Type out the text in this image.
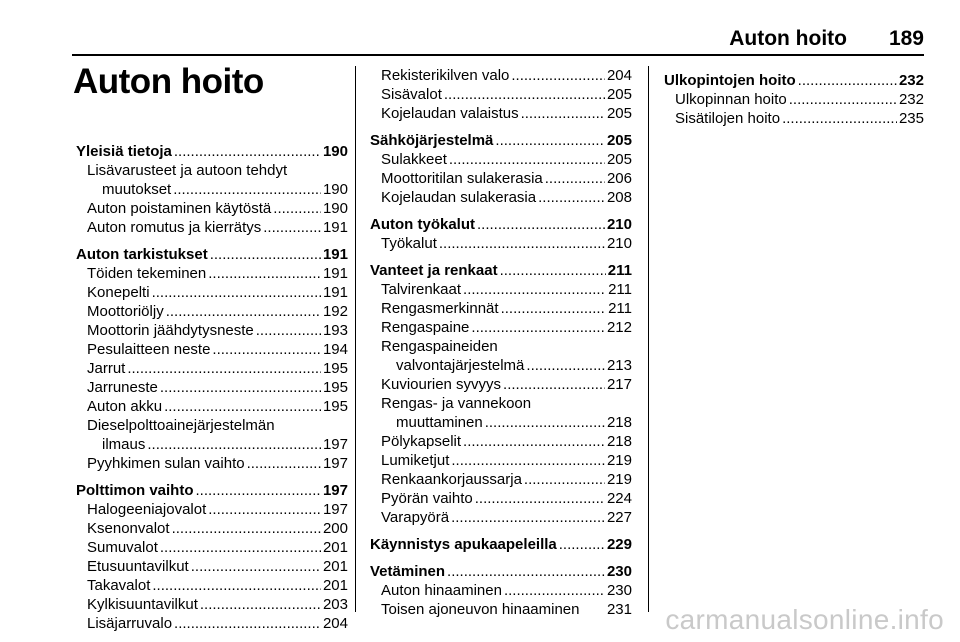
Auton hoito 189
Auton hoito
Yleisiä tietoja .....	190
Lisävarusteet ja autoon tehdyt
muutokset .....	190
Auton poistaminen käytöstä .....	190
Auton romutus ja kierrätys .....	191
Auton tarkistukset .....	191
Töiden tekeminen .....	191
Konepelti .....	191
Moottoriöljy .....	192
Moottorin jäähdytysneste .....	193
Pesulaitteen neste .....	194
Jarrut .....	195
Jarruneste .....	195
Auton akku .....	195
Dieselpolttoainejärjestelmän
ilmaus .....	197
Pyyhkimen sulan vaihto .....	197
Polttimon vaihto .....	197
Halogeeniajovalot .....	197
Ksenonvalot .....	200
Sumuvalot .....	201
Etusuuntavilkut .....	201
Takavalot .....	201
Kylkisuuntavilkut .....	203
Lisäjarruvalo .....	204
Rekisterikilven valo .....	204
Sisävalot .....	205
Kojelaudan valaistus .....	205
Sähköjärjestelmä .....	205
Sulakkeet .....	205
Moottoritilan sulakerasia .....	206
Kojelaudan sulakerasia .....	208
Auton työkalut .....	210
Työkalut .....	210
Vanteet ja renkaat .....	211
Talvirenkaat .....	211
Rengasmerkinnät .....	211
Rengaspaine .....	212
Rengaspaineiden
valvontajärjestelmä .....	213
Kuviourien syvyys .....	217
Rengas- ja vannekoon
muuttaminen .....	218
Pölykapselit .....	218
Lumiketjut .....	219
Renkaankorjaussarja .....	219
Pyörän vaihto .....	224
Varapyörä .....	227
Käynnistys apukaapeleilla .....	229
Vetäminen .....	230
Auton hinaaminen .....	230
Toisen ajoneuvon hinaaminen 231
Ulkopintojen hoito .....	232
Ulkopinnan hoito .....	232
Sisätilojen hoito .....	235
carmanualsonline.info
